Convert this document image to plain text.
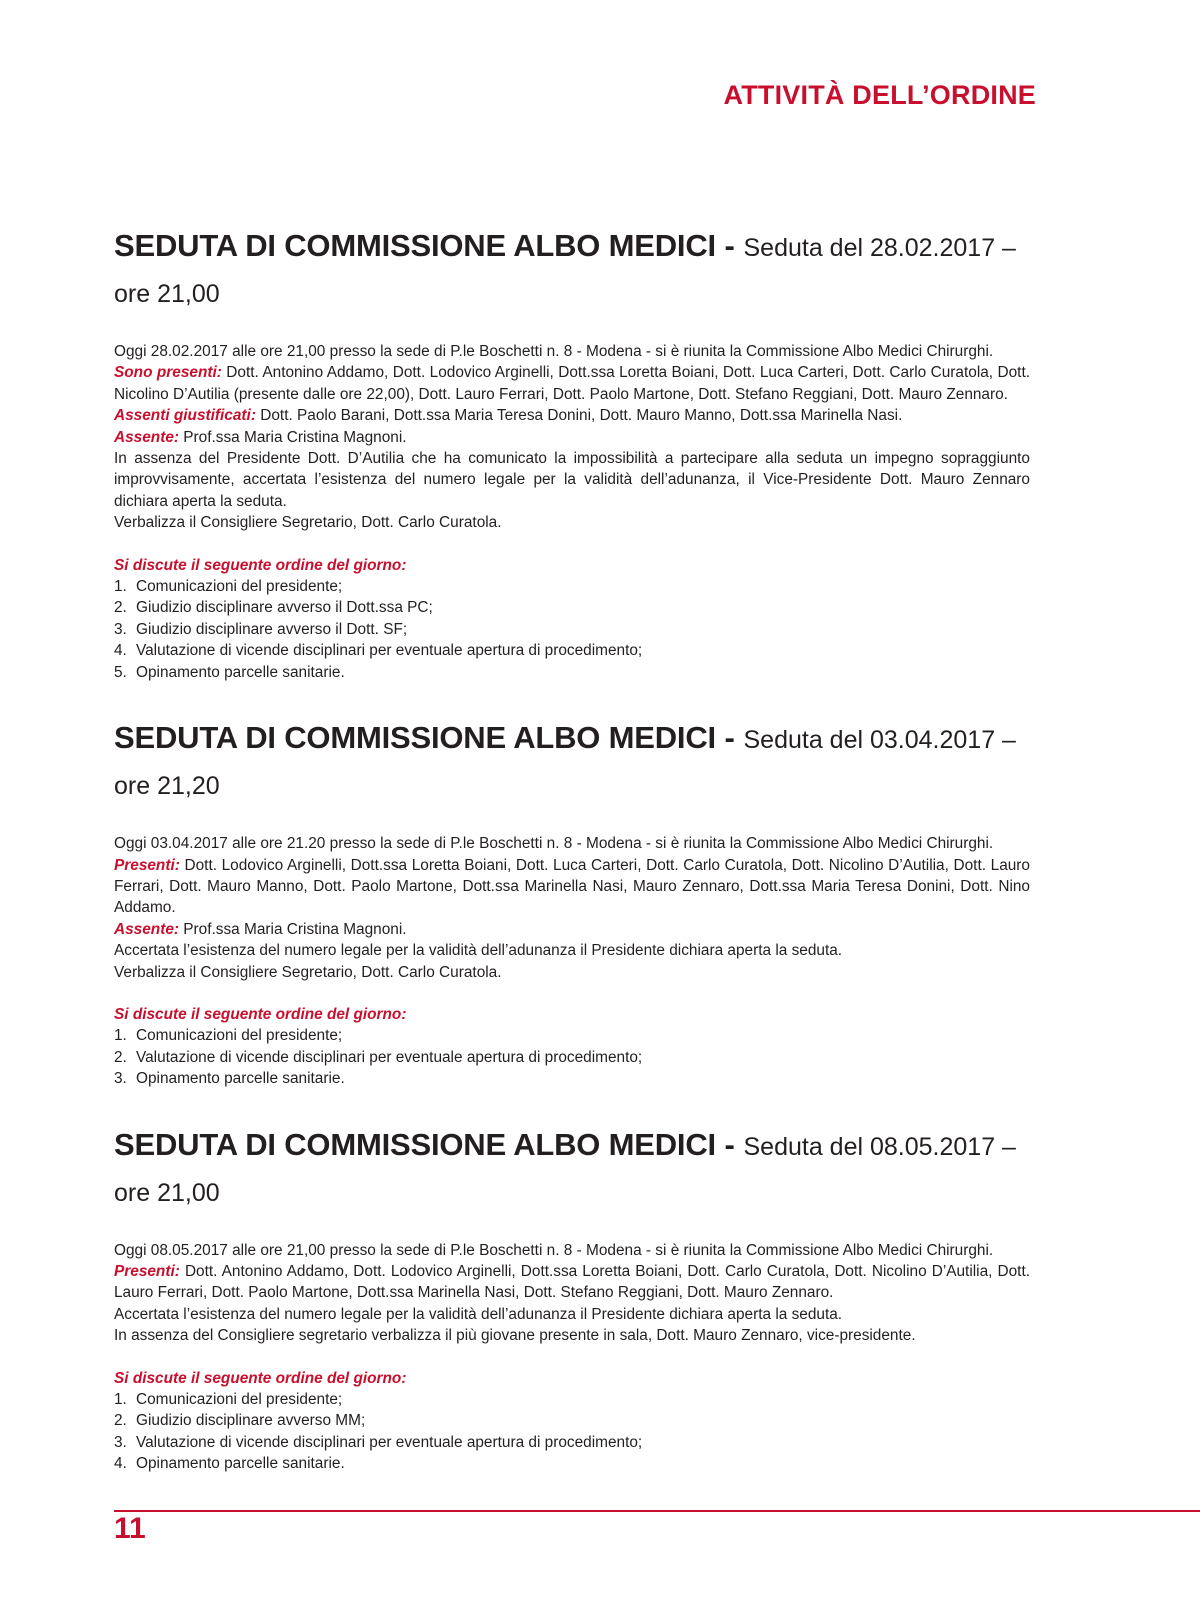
ATTIVITÀ DELL’ORDINE
SEDUTA DI COMMISSIONE ALBO MEDICI - Seduta del 28.02.2017 – ore 21,00

Oggi 28.02.2017 alle ore 21,00 presso la sede di P.le Boschetti n. 8 - Modena - si è riunita la Commissione Albo Medici Chirurghi.

Sono presenti: Dott. Antonino Addamo, Dott. Lodovico Arginelli, Dott.ssa Loretta Boiani, Dott. Luca Carteri, Dott. Carlo Curatola, Dott. Nicolino D’Autilia (presente dalle ore 22,00), Dott. Lauro Ferrari, Dott. Paolo Martone, Dott. Stefano Reggiani, Dott. Mauro Zennaro.

Assenti giustificati: Dott. Paolo Barani, Dott.ssa Maria Teresa Donini, Dott. Mauro Manno, Dott.ssa Marinella Nasi.

Assente: Prof.ssa Maria Cristina Magnoni.

In assenza del Presidente Dott. D’Autilia che ha comunicato la impossibilità a partecipare alla seduta un impegno sopraggiunto improvvisamente, accertata l’esistenza del numero legale per la validità dell’adunanza, il Vice-Presidente Dott. Mauro Zennaro dichiara aperta la seduta.

Verbalizza il Consigliere Segretario, Dott. Carlo Curatola.

Si discute il seguente ordine del giorno:

1. Comunicazioni del presidente;
2. Giudizio disciplinare avverso il Dott.ssa PC;
3. Giudizio disciplinare avverso il Dott. SF;
4. Valutazione di vicende disciplinari per eventuale apertura di procedimento;
5. Opinamento parcelle sanitarie.
SEDUTA DI COMMISSIONE ALBO MEDICI - Seduta del 03.04.2017 – ore 21,20

Oggi 03.04.2017 alle ore 21.20 presso la sede di P.le Boschetti n. 8 - Modena - si è riunita la Commissione Albo Medici Chirurghi.

Presenti: Dott. Lodovico Arginelli, Dott.ssa Loretta Boiani, Dott. Luca Carteri, Dott. Carlo Curatola, Dott. Nicolino D’Autilia, Dott. Lauro Ferrari, Dott. Mauro Manno, Dott. Paolo Martone, Dott.ssa Marinella Nasi, Mauro Zennaro, Dott.ssa Maria Teresa Donini, Dott. Nino Addamo.

Assente: Prof.ssa Maria Cristina Magnoni.

Accertata l’esistenza del numero legale per la validità dell’adunanza il Presidente dichiara aperta la seduta.

Verbalizza il Consigliere Segretario, Dott. Carlo Curatola.

Si discute il seguente ordine del giorno:

1. Comunicazioni del presidente;
2. Valutazione di vicende disciplinari per eventuale apertura di procedimento;
3. Opinamento parcelle sanitarie.
SEDUTA DI COMMISSIONE ALBO MEDICI - Seduta del 08.05.2017 – ore 21,00

Oggi 08.05.2017 alle ore 21,00 presso la sede di P.le Boschetti n. 8 - Modena - si è riunita la Commissione Albo Medici Chirurghi.

Presenti: Dott. Antonino Addamo, Dott. Lodovico Arginelli, Dott.ssa Loretta Boiani, Dott. Carlo Curatola, Dott. Nicolino D’Autilia, Dott. Lauro Ferrari, Dott. Paolo Martone, Dott.ssa Marinella Nasi, Dott. Stefano Reggiani, Dott. Mauro Zennaro.

Accertata l’esistenza del numero legale per la validità dell’adunanza il Presidente dichiara aperta la seduta.

In assenza del Consigliere segretario verbalizza il più giovane presente in sala, Dott. Mauro Zennaro, vice-presidente.

Si discute il seguente ordine del giorno:

1. Comunicazioni del presidente;
2. Giudizio disciplinare avverso MM;
3. Valutazione di vicende disciplinari per eventuale apertura di procedimento;
4. Opinamento parcelle sanitarie.
11
